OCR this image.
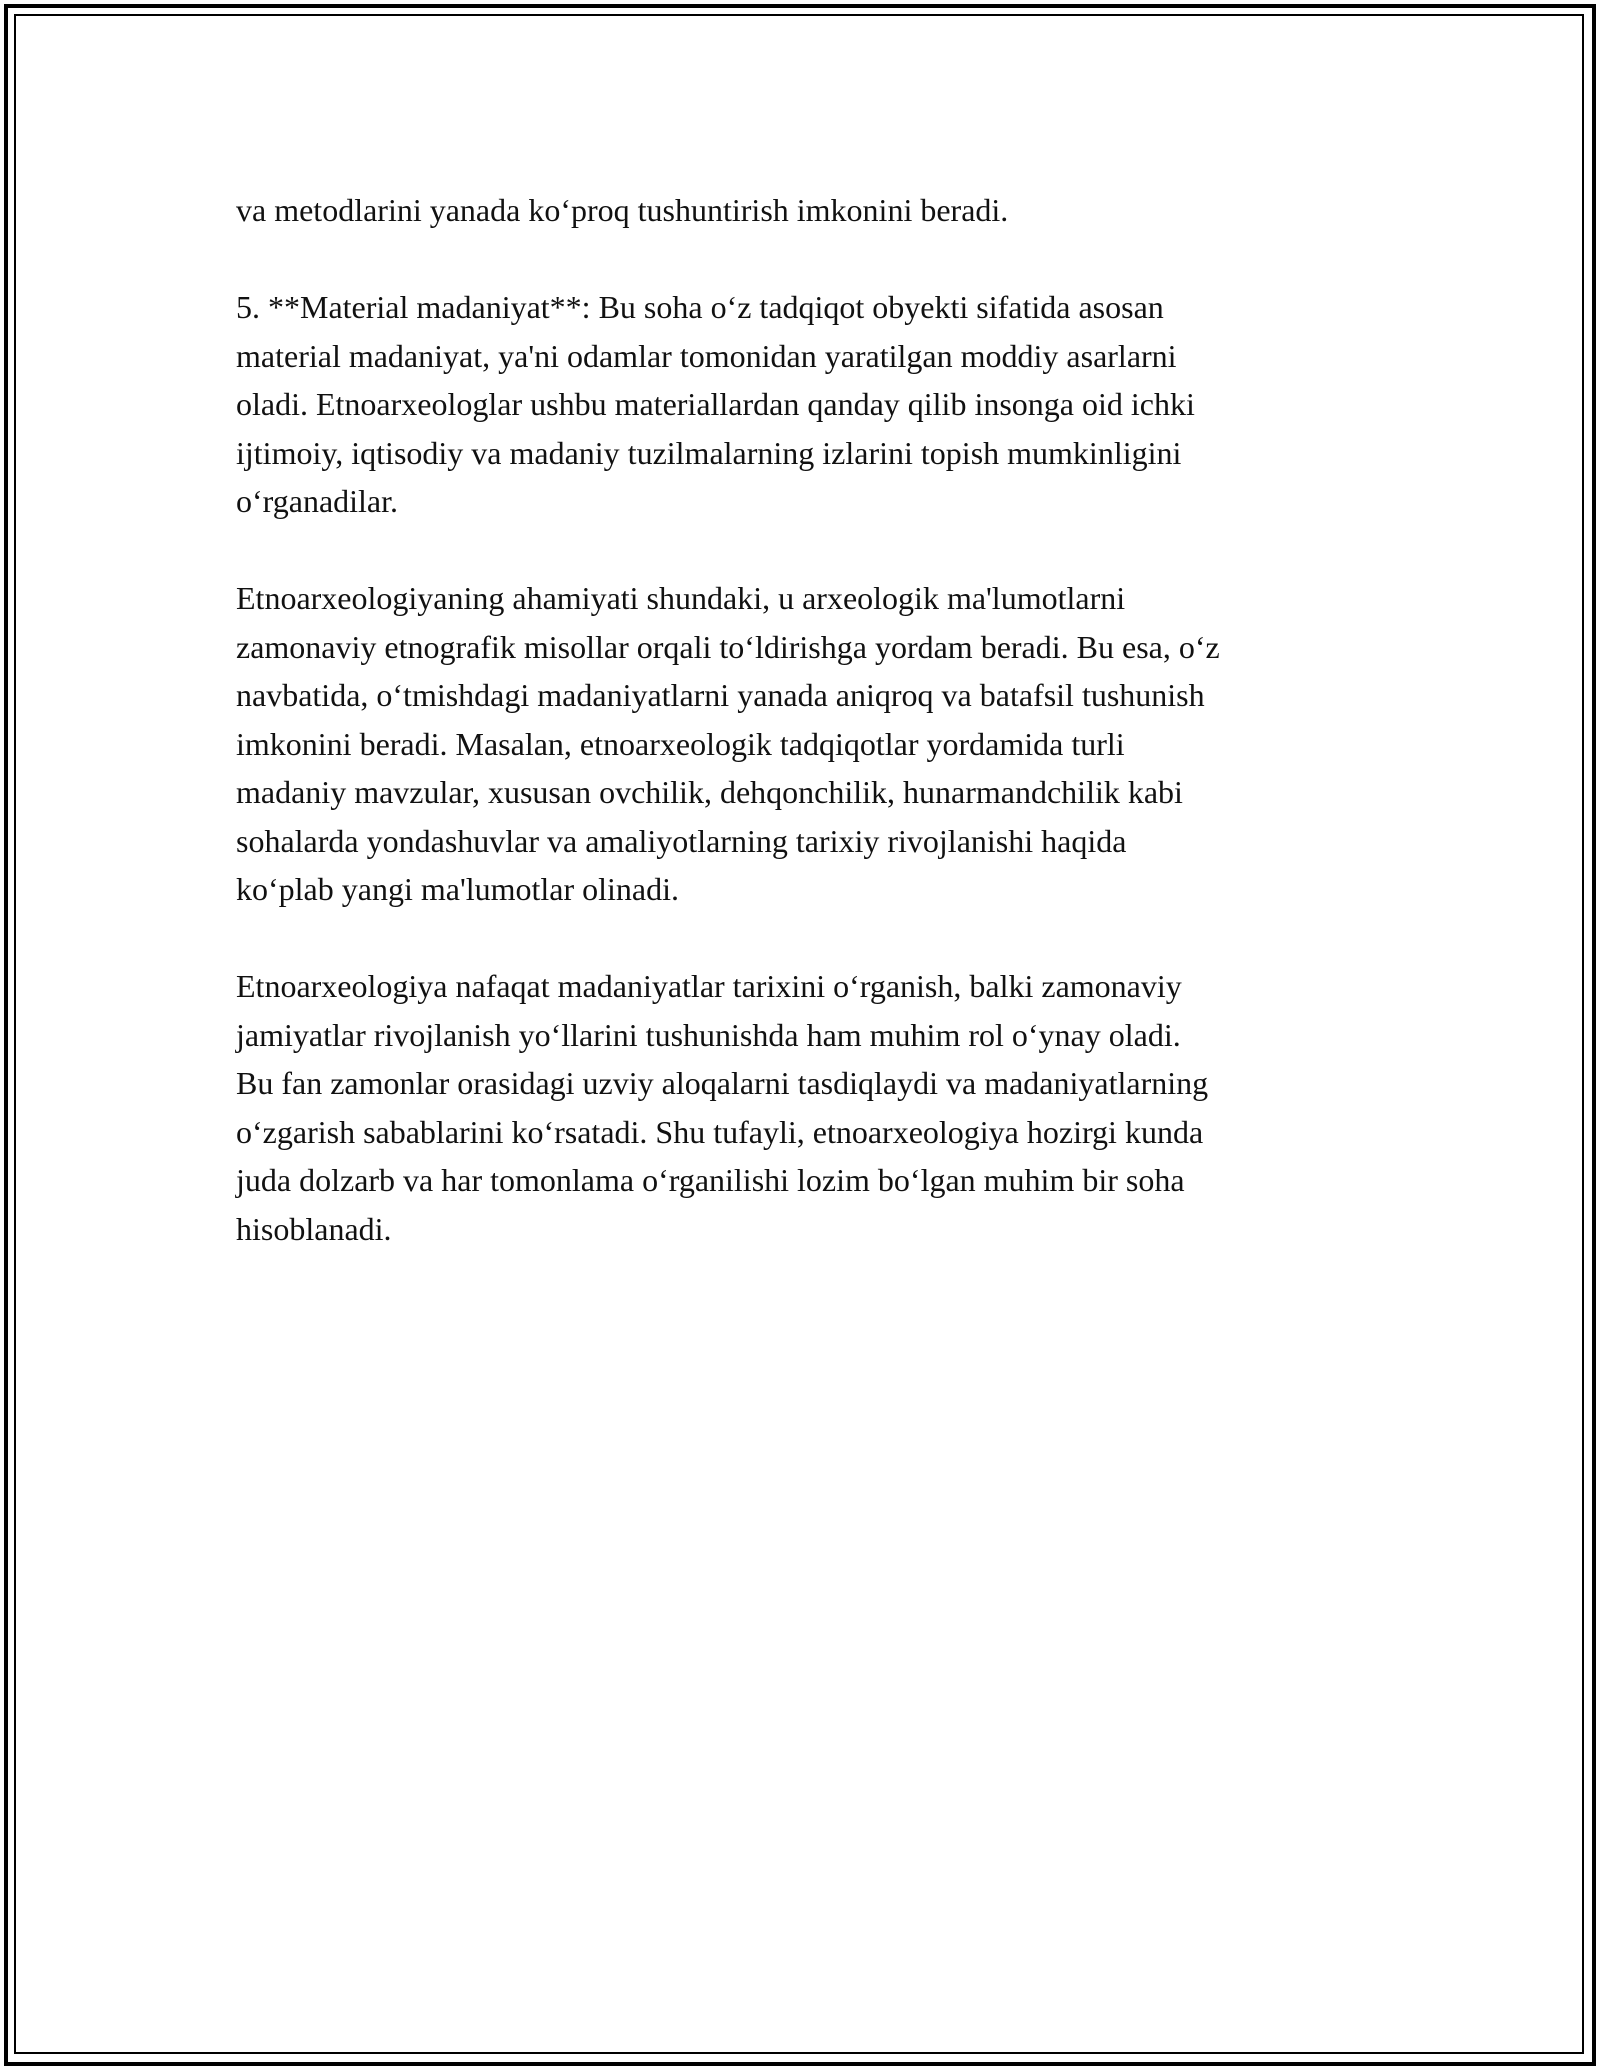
va metodlarini yanada koʻproq tushuntirish imkonini beradi.

5. **Material madaniyat**: Bu soha oʻz tadqiqot obyekti sifatida asosan
material madaniyat, ya'ni odamlar tomonidan yaratilgan moddiy asarlarni
oladi. Etnoarxeologlar ushbu materiallardan qanday qilib insonga oid ichki
ijtimoiy, iqtisodiy va madaniy tuzilmalarning izlarini topish mumkinligini
oʻrganadilar.

Etnoarxeologiyaning ahamiyati shundaki, u arxeologik ma'lumotlarni
zamonaviy etnografik misollar orqali toʻldirishga yordam beradi. Bu esa, oʻz
navbatida, oʻtmishdagi madaniyatlarni yanada aniqroq va batafsil tushunish
imkonini beradi. Masalan, etnoarxeologik tadqiqotlar yordamida turli
madaniy mavzular, xususan ovchilik, dehqonchilik, hunarmandchilik kabi
sohalarda yondashuvlar va amaliyotlarning tarixiy rivojlanishi haqida
koʻplab yangi ma'lumotlar olinadi.

Etnoarxeologiya nafaqat madaniyatlar tarixini oʻrganish, balki zamonaviy
jamiyatlar rivojlanish yoʻllarini tushunishda ham muhim rol oʻynay oladi.
Bu fan zamonlar orasidagi uzviy aloqalarni tasdiqlaydi va madaniyatlarning
oʻzgarish sabablarini koʻrsatadi. Shu tufayli, etnoarxeologiya hozirgi kunda
juda dolzarb va har tomonlama oʻrganilishi lozim boʻlgan muhim bir soha
hisoblanadi.
